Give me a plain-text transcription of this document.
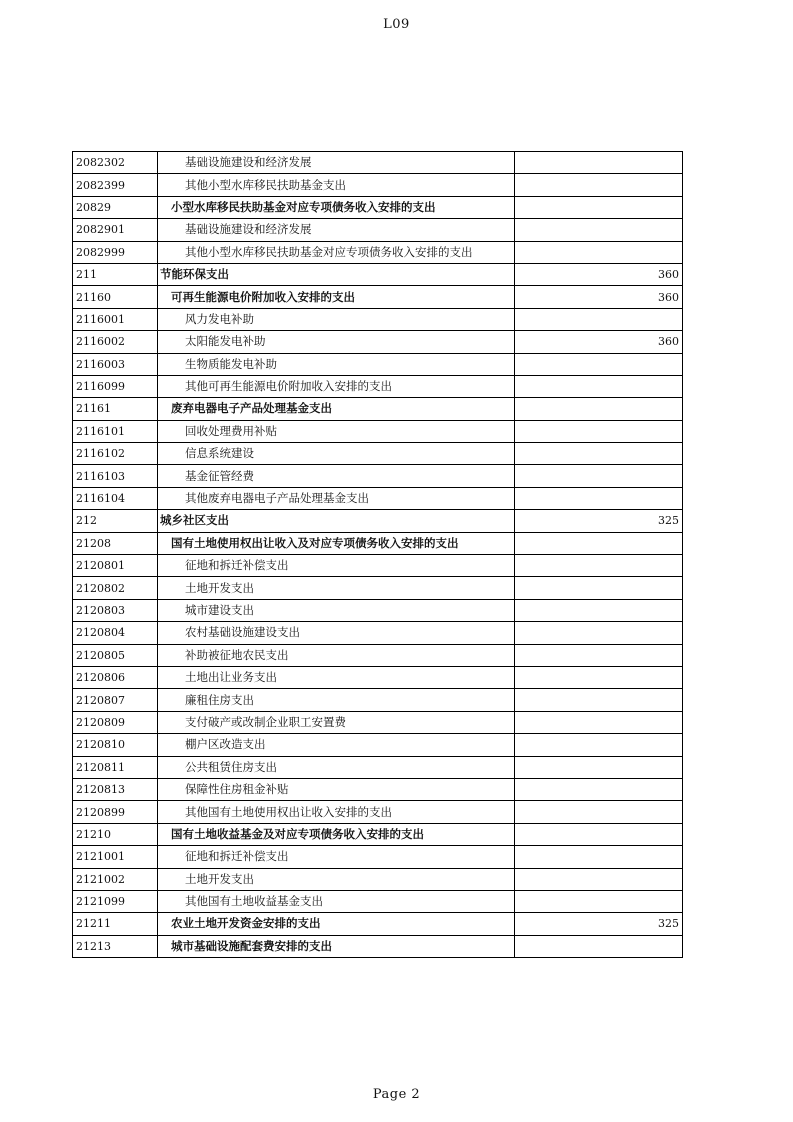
L09
2082302	基础设施建设和经济发展	
2082399	其他小型水库移民扶助基金支出	
20829	小型水库移民扶助基金对应专项债务收入安排的支出	
2082901	基础设施建设和经济发展	
2082999	其他小型水库移民扶助基金对应专项债务收入安排的支出	
211	节能环保支出	360
21160	可再生能源电价附加收入安排的支出	360
2116001	风力发电补助	
2116002	太阳能发电补助	360
2116003	生物质能发电补助	
2116099	其他可再生能源电价附加收入安排的支出	
21161	废弃电器电子产品处理基金支出	
2116101	回收处理费用补贴	
2116102	信息系统建设	
2116103	基金征管经费	
2116104	其他废弃电器电子产品处理基金支出	
212	城乡社区支出	325
21208	国有土地使用权出让收入及对应专项债务收入安排的支出	
2120801	征地和拆迁补偿支出	
2120802	土地开发支出	
2120803	城市建设支出	
2120804	农村基础设施建设支出	
2120805	补助被征地农民支出	
2120806	土地出让业务支出	
2120807	廉租住房支出	
2120809	支付破产或改制企业职工安置费	
2120810	棚户区改造支出	
2120811	公共租赁住房支出	
2120813	保障性住房租金补贴	
2120899	其他国有土地使用权出让收入安排的支出	
21210	国有土地收益基金及对应专项债务收入安排的支出	
2121001	征地和拆迁补偿支出	
2121002	土地开发支出	
2121099	其他国有土地收益基金支出	
21211	农业土地开发资金安排的支出	325
21213	城市基础设施配套费安排的支出	
Page 2
